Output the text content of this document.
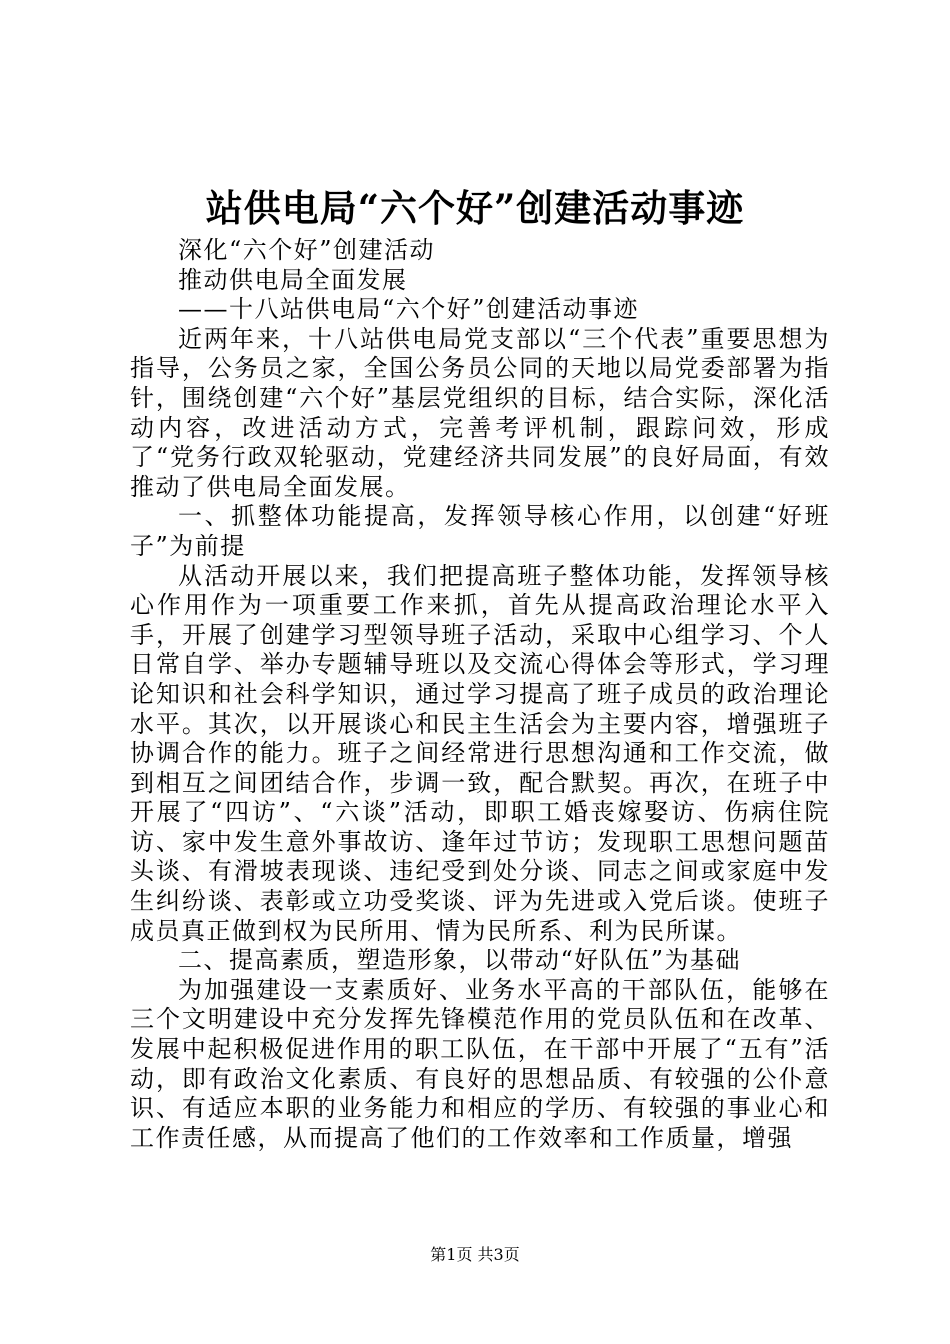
站供电局“六个好”创建活动事迹

深化“六个好”创建活动

推动供电局全面发展

——十八站供电局“六个好”创建活动事迹

近两年来，十八站供电局党支部以“三个代表”重要思想为指导，公务员之家，全国公务员公同的天地以局党委部署为指针，围绕创建“六个好”基层党组织的目标，结合实际，深化活动内容，改进活动方式，完善考评机制，跟踪问效，形成了“党务行政双轮驱动，党建经济共同发展”的良好局面，有效推动了供电局全面发展。

一、抓整体功能提高，发挥领导核心作用，以创建“好班子”为前提

从活动开展以来，我们把提高班子整体功能，发挥领导核心作用作为一项重要工作来抓，首先从提高政治理论水平入手，开展了创建学习型领导班子活动，采取中心组学习、个人日常自学、举办专题辅导班以及交流心得体会等形式，学习理论知识和社会科学知识，通过学习提高了班子成员的政治理论水平。其次，以开展谈心和民主生活会为主要内容，增强班子协调合作的能力。班子之间经常进行思想沟通和工作交流，做到相互之间团结合作，步调一致，配合默契。再次，在班子中开展了“四访”、“六谈”活动，即职工婚丧嫁娶访、伤病住院访、家中发生意外事故访、逢年过节访；发现职工思想问题苗头谈、有滑坡表现谈、违纪受到处分谈、同志之间或家庭中发生纠纷谈、表彰或立功受奖谈、评为先进或入党后谈。使班子成员真正做到权为民所用、情为民所系、利为民所谋。

二、提高素质，塑造形象，以带动“好队伍”为基础

为加强建设一支素质好、业务水平高的干部队伍，能够在三个文明建设中充分发挥先锋模范作用的党员队伍和在改革、发展中起积极促进作用的职工队伍，在干部中开展了“五有”活动，即有政治文化素质、有良好的思想品质、有较强的公仆意识、有适应本职的业务能力和相应的学历、有较强的事业心和工作责任感，从而提高了他们的工作效率和工作质量，增强

第1页 共3页
